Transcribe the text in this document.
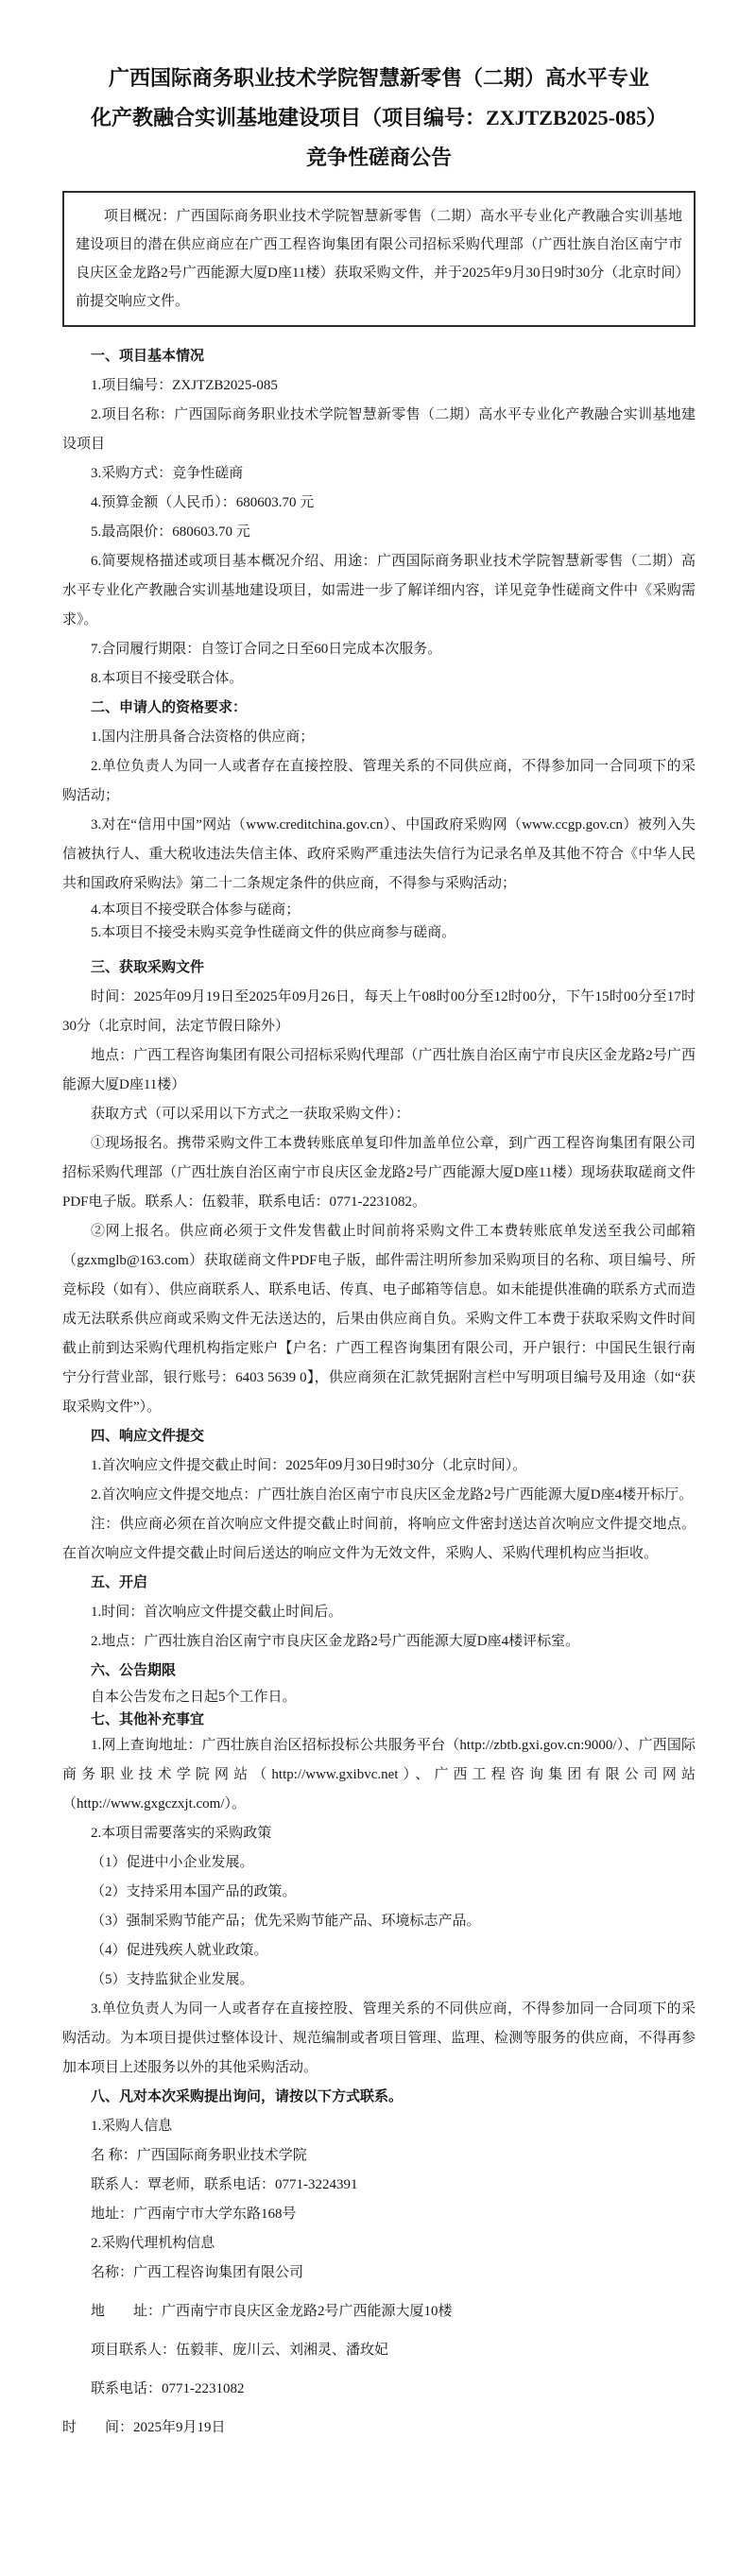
广西国际商务职业技术学院智慧新零售（二期）高水平专业
化产教融合实训基地建设项目（项目编号：ZXJTZB2025-085）
竞争性磋商公告

项目概况：广西国际商务职业技术学院智慧新零售（二期）高水平专业化产教融合实训基地建设项目的潜在供应商应在广西工程咨询集团有限公司招标采购代理部（广西壮族自治区南宁市良庆区金龙路2号广西能源大厦D座11楼）获取采购文件，并于2025年9月30日9时30分（北京时间）前提交响应文件。

一、项目基本情况

1.项目编号：ZXJTZB2025-085

2.项目名称：广西国际商务职业技术学院智慧新零售（二期）高水平专业化产教融合实训基地建设项目

3.采购方式：竞争性磋商

4.预算金额（人民币）：680603.70 元

5.最高限价：680603.70 元

6.简要规格描述或项目基本概况介绍、用途：广西国际商务职业技术学院智慧新零售（二期）高水平专业化产教融合实训基地建设项目，如需进一步了解详细内容，详见竞争性磋商文件中《采购需求》。

7.合同履行期限：自签订合同之日至60日完成本次服务。

8.本项目不接受联合体。

二、申请人的资格要求：

1.国内注册具备合法资格的供应商；

2.单位负责人为同一人或者存在直接控股、管理关系的不同供应商，不得参加同一合同项下的采购活动；

3.对在“信用中国”网站（www.creditchina.gov.cn）、中国政府采购网（www.ccgp.gov.cn）被列入失信被执行人、重大税收违法失信主体、政府采购严重违法失信行为记录名单及其他不符合《中华人民共和国政府采购法》第二十二条规定条件的供应商，不得参与采购活动；

4.本项目不接受联合体参与磋商；

5.本项目不接受未购买竞争性磋商文件的供应商参与磋商。

三、获取采购文件

时间：2025年09月19日至2025年09月26日，每天上午08时00分至12时00分，下午15时00分至17时30分（北京时间，法定节假日除外）

地点：广西工程咨询集团有限公司招标采购代理部（广西壮族自治区南宁市良庆区金龙路2号广西能源大厦D座11楼）

获取方式（可以采用以下方式之一获取采购文件）：

①现场报名。携带采购文件工本费转账底单复印件加盖单位公章，到广西工程咨询集团有限公司招标采购代理部（广西壮族自治区南宁市良庆区金龙路2号广西能源大厦D座11楼）现场获取磋商文件PDF电子版。联系人：伍毅菲，联系电话：0771-2231082。

②网上报名。供应商必须于文件发售截止时间前将采购文件工本费转账底单发送至我公司邮箱（gzxmglb@163.com）获取磋商文件PDF电子版，邮件需注明所参加采购项目的名称、项目编号、所竞标段（如有）、供应商联系人、联系电话、传真、电子邮箱等信息。如未能提供准确的联系方式而造成无法联系供应商或采购文件无法送达的，后果由供应商自负。采购文件工本费于获取采购文件时间截止前到达采购代理机构指定账户【户名：广西工程咨询集团有限公司，开户银行：中国民生银行南宁分行营业部，银行账号：6403 5639 0】，供应商须在汇款凭据附言栏中写明项目编号及用途（如“获取采购文件”）。

四、响应文件提交

1.首次响应文件提交截止时间：2025年09月30日9时30分（北京时间）。

2.首次响应文件提交地点：广西壮族自治区南宁市良庆区金龙路2号广西能源大厦D座4楼开标厅。

注：供应商必须在首次响应文件提交截止时间前，将响应文件密封送达首次响应文件提交地点。在首次响应文件提交截止时间后送达的响应文件为无效文件，采购人、采购代理机构应当拒收。

五、开启

1.时间：首次响应文件提交截止时间后。

2.地点：广西壮族自治区南宁市良庆区金龙路2号广西能源大厦D座4楼评标室。

六、公告期限

自本公告发布之日起5个工作日。

七、其他补充事宜

1.网上查询地址：广西壮族自治区招标投标公共服务平台（http://zbtb.gxi.gov.cn:9000/）、广西国际商务职业技术学院网站（http://www.gxibvc.net）、广西工程咨询集团有限公司网站（http://www.gxgczxjt.com/）。

2.本项目需要落实的采购政策

（1）促进中小企业发展。

（2）支持采用本国产品的政策。

（3）强制采购节能产品；优先采购节能产品、环境标志产品。

（4）促进残疾人就业政策。

（5）支持监狱企业发展。

3.单位负责人为同一人或者存在直接控股、管理关系的不同供应商，不得参加同一合同项下的采购活动。为本项目提供过整体设计、规范编制或者项目管理、监理、检测等服务的供应商，不得再参加本项目上述服务以外的其他采购活动。

八、凡对本次采购提出询问，请按以下方式联系。

1.采购人信息

名 称：广西国际商务职业技术学院

联系人：覃老师，联系电话：0771-3224391

地址：广西南宁市大学东路168号

2.采购代理机构信息

名称：广西工程咨询集团有限公司

地　　址：广西南宁市良庆区金龙路2号广西能源大厦10楼

项目联系人：伍毅菲、庞川云、刘湘灵、潘玫妃

联系电话：0771-2231082

时　　间：2025年9月19日
